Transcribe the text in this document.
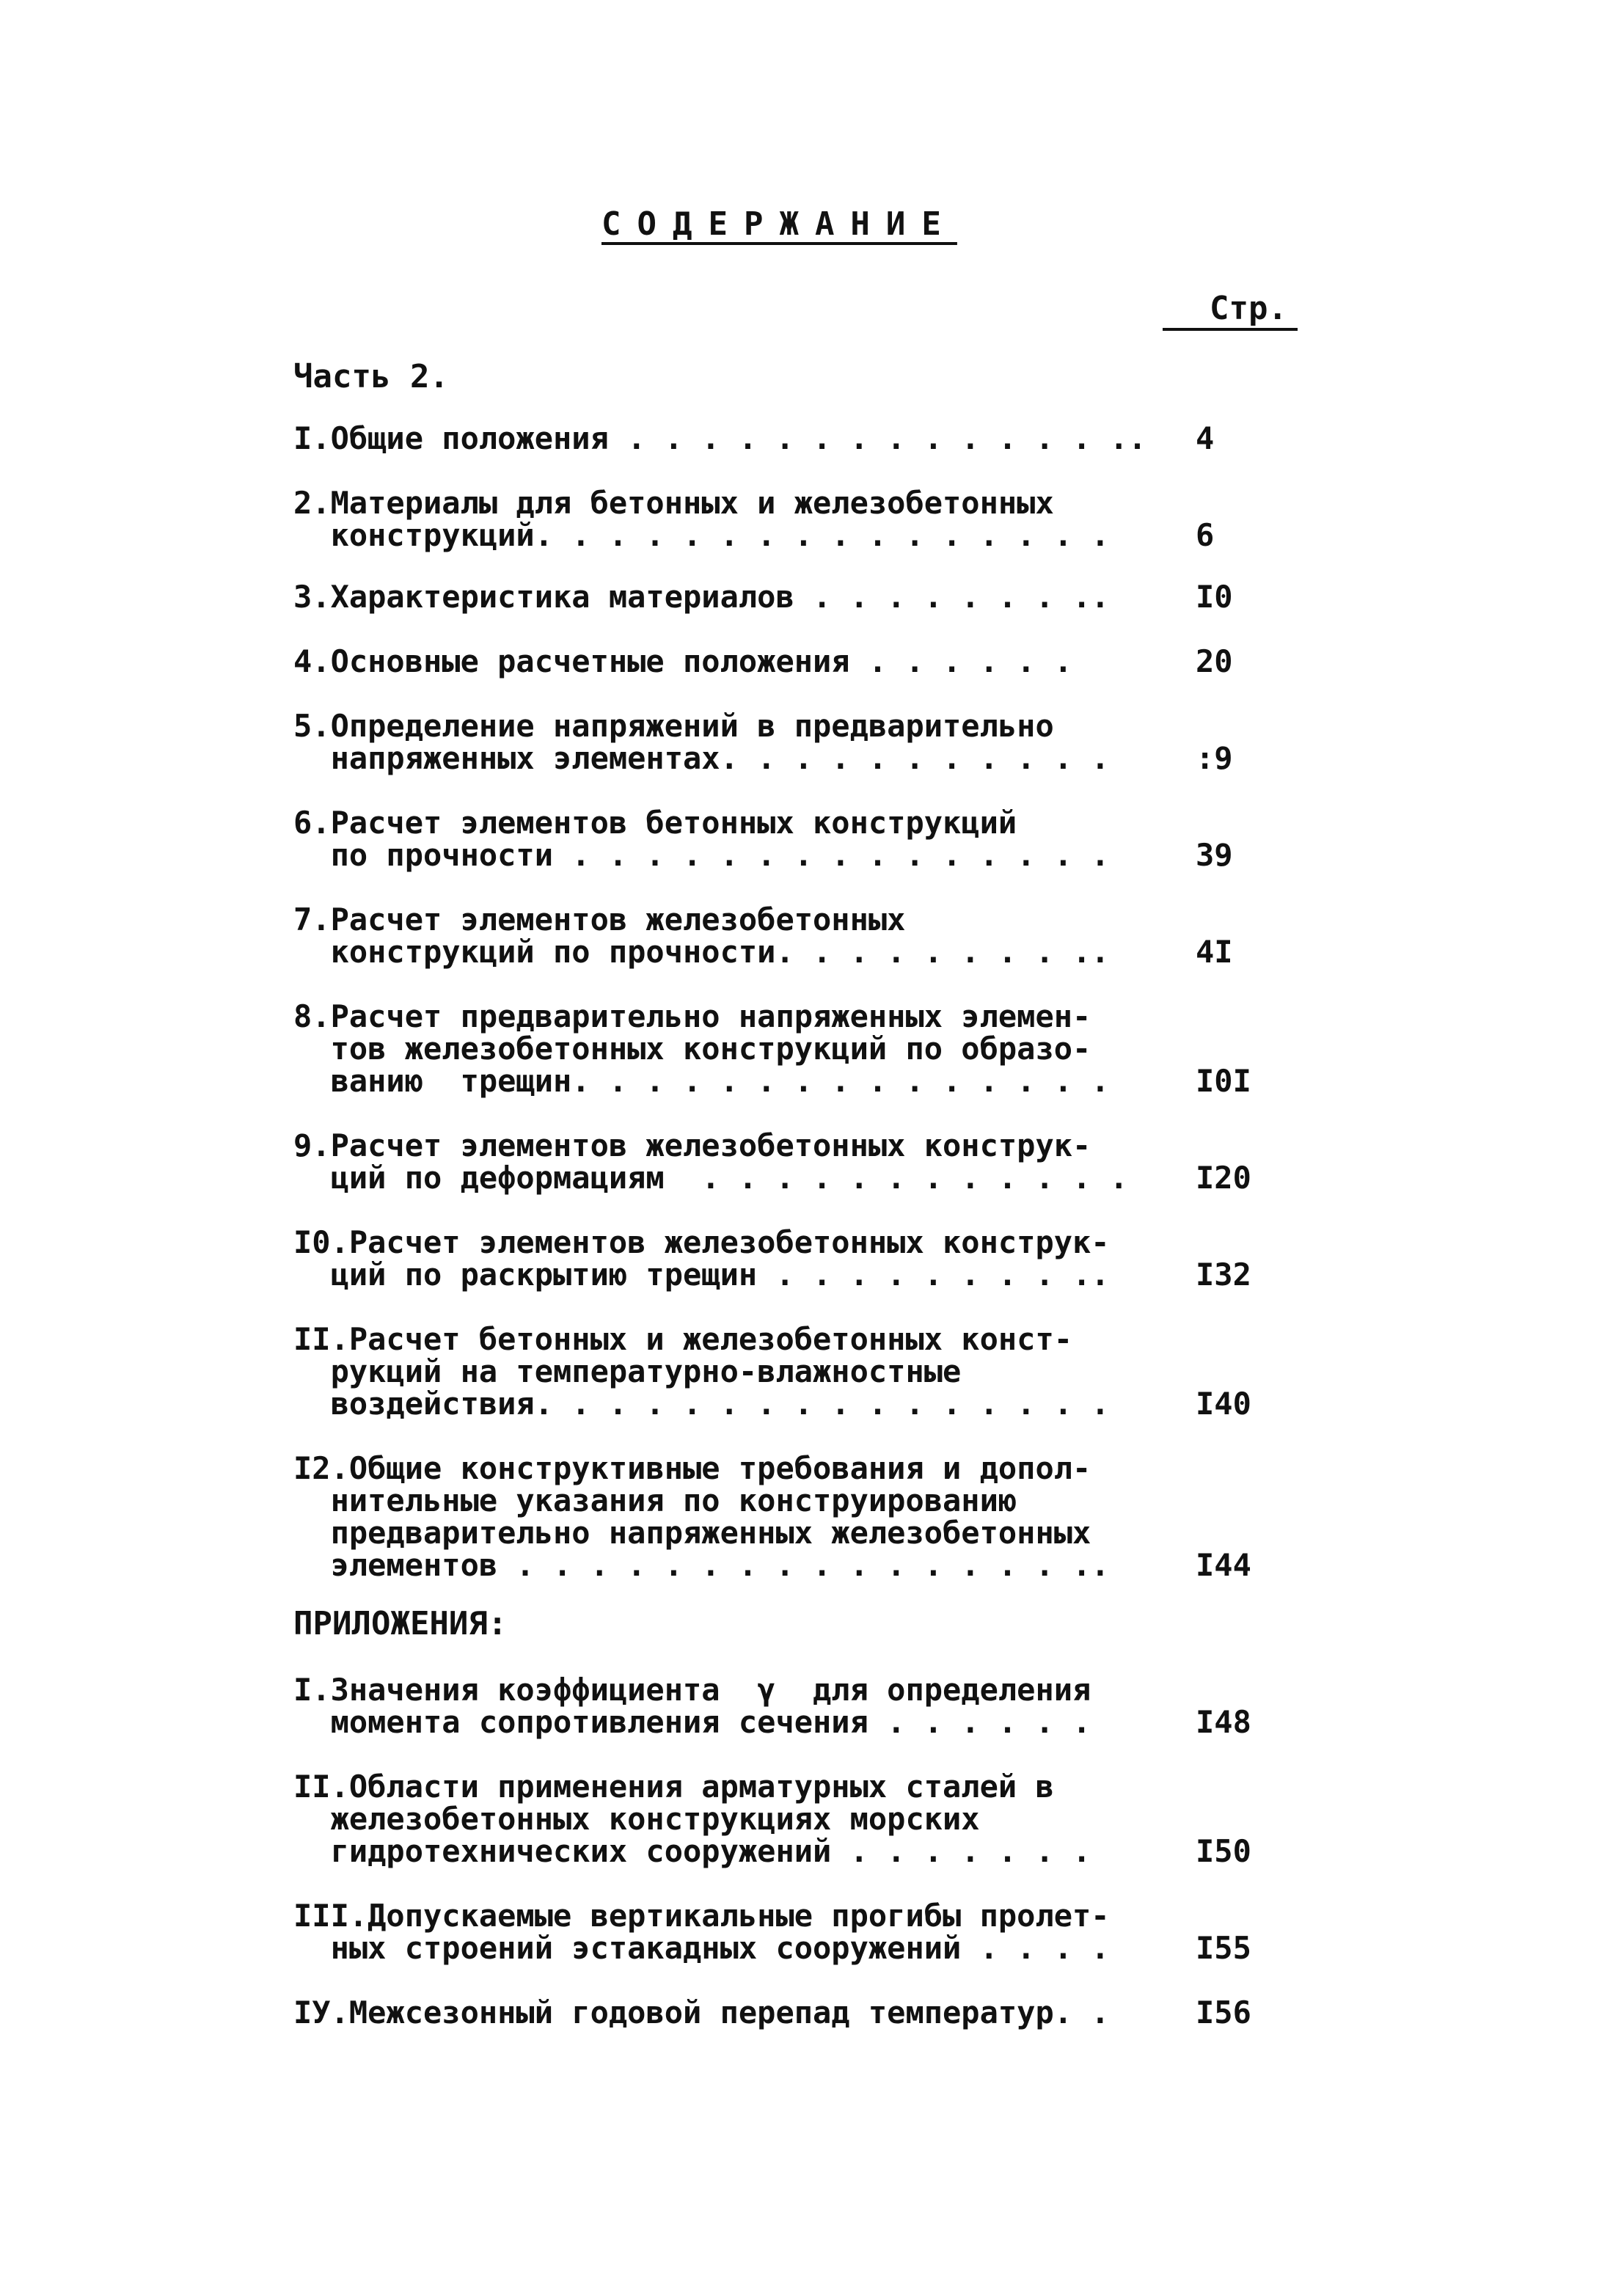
СОДЕРЖАНИЕ
Стр.
Часть 2.
I.Общие положения . . . . . . . . . . . . . ..	4
2.Материалы для бетонных и железобетонных
конструкций. . . . . . . . . . . . . . . .	6
3.Характеристика материалов . . . . . . . ..	I0
4.Основные расчетные положения . . . . . .	20
5.Определение напряжений в предварительно
напряженных элементах. . . . . . . . . . .	:9
6.Расчет элементов бетонных конструкций
по прочности . . . . . . . . . . . . . . .	39
7.Расчет элементов железобетонных
конструкций по прочности. . . . . . . . ..	4I
8.Расчет предварительно напряженных элемен-
тов железобетонных конструкций по образо-
ванию  трещин. . . . . . . . . . . . . . .	I0I
9.Расчет элементов железобетонных конструк-
ций по деформациям  . . . . . . . . . . . .	I20
I0.Расчет элементов железобетонных конструк-
ций по раскрытию трещин . . . . . . . . ..	I32
II.Расчет бетонных и железобетонных конст-
рукций на температурно-влажностные
воздействия. . . . . . . . . . . . . . . .	I40
I2.Общие конструктивные требования и допол-
нительные указания по конструированию
предварительно напряженных железобетонных
элементов . . . . . . . . . . . . . . . ..	I44
ПРИЛОЖЕНИЯ:
I.Значения коэффициента  γ  для определения
момента сопротивления сечения . . . . . .	I48
II.Области применения арматурных сталей в
железобетонных конструкциях морских
гидротехнических сооружений . . . . . . .	I50
III.Допускаемые вертикальные прогибы пролет-
ных строений эстакадных сооружений . . . .	I55
IУ.Межсезонный годовой перепад температур. .	I56
